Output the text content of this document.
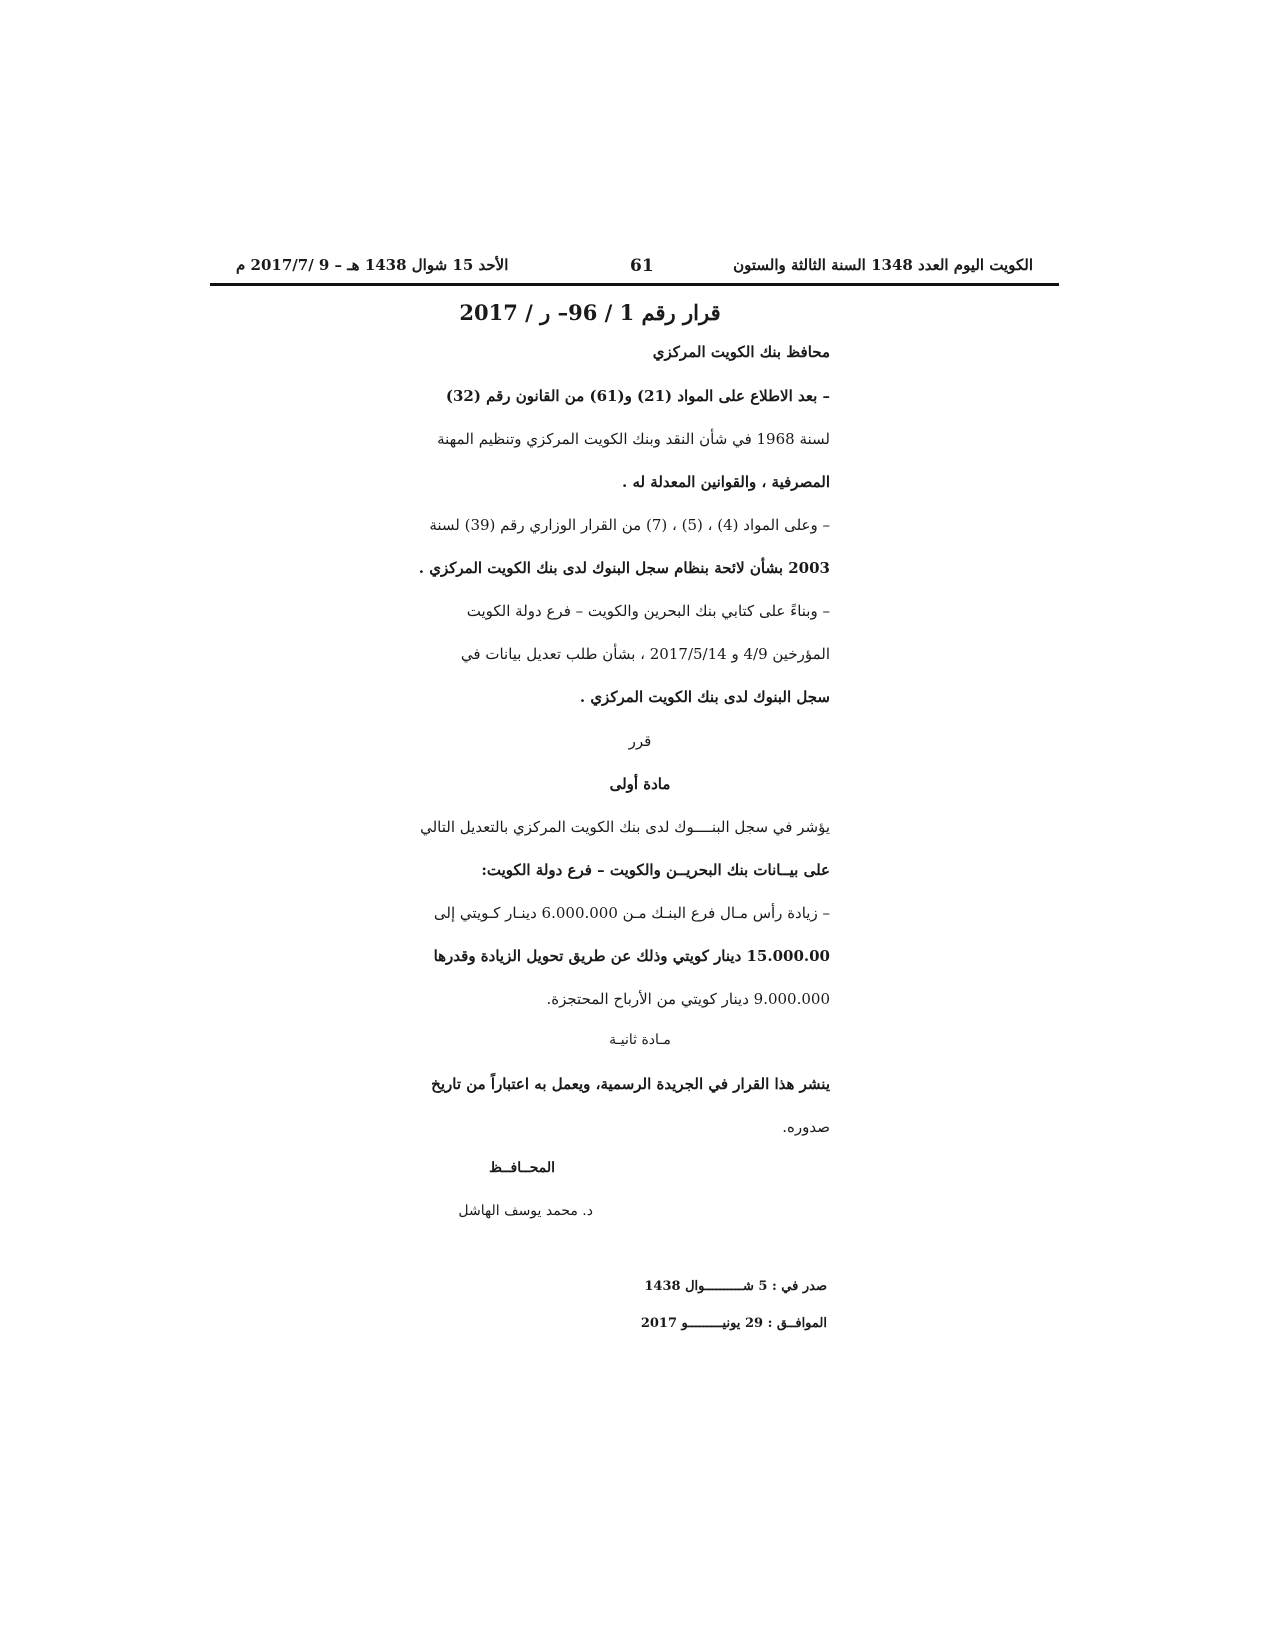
الكويت اليوم العدد 1348 السنة الثالثة والستون
61
الأحد 15 شوال 1438 هـ – 9 /2017/7 م
قرار رقم 1 / 96– ر / 2017
محافظ بنك الكويت المركزي
– بعد الاطلاع على المواد (21) و(61) من القانون رقم (32)
لسنة 1968 في شأن النقد وبنك الكويت المركزي وتنظيم المهنة
المصرفية ، والقوانين المعدلة له .
– وعلى المواد (4) ، (5) ، (7) من القرار الوزاري رقم (39) لسنة
2003 بشأن لائحة بنظام سجل البنوك لدى بنك الكويت المركزي .
– وبناءً على كتابي بنك البحرين والكويت – فرع دولة الكويت
المؤرخين 4/9 و 2017/5/14 ، بشأن طلب تعديل بيانات في
سجل البنوك لدى بنك الكويت المركزي .
قرر
مادة أولى
يؤشر في سجل البنــــوك لدى بنك الكويت المركزي بالتعديل التالي
على بيــانات بنك البحريــن والكويت – فرع دولة الكويت:
– زيادة رأس مـال فرع البنـك مـن 6.000.000 دينـار كـويتي إلى
15.000.00 دينار كويتي وذلك عن طريق تحويل الزيادة وقدرها
9.000.000 دينار كويتي من الأرباح المحتجزة.
مـادة ثانيـة
ينشر هذا القرار في الجريدة الرسمية، ويعمل به اعتباراً من تاريخ
صدوره.
المحــافــظ
د. محمد يوسف الهاشل
صدر في : 5 شــــــــــوال 1438
الموافــق : 29 يونيـــــــــو 2017
